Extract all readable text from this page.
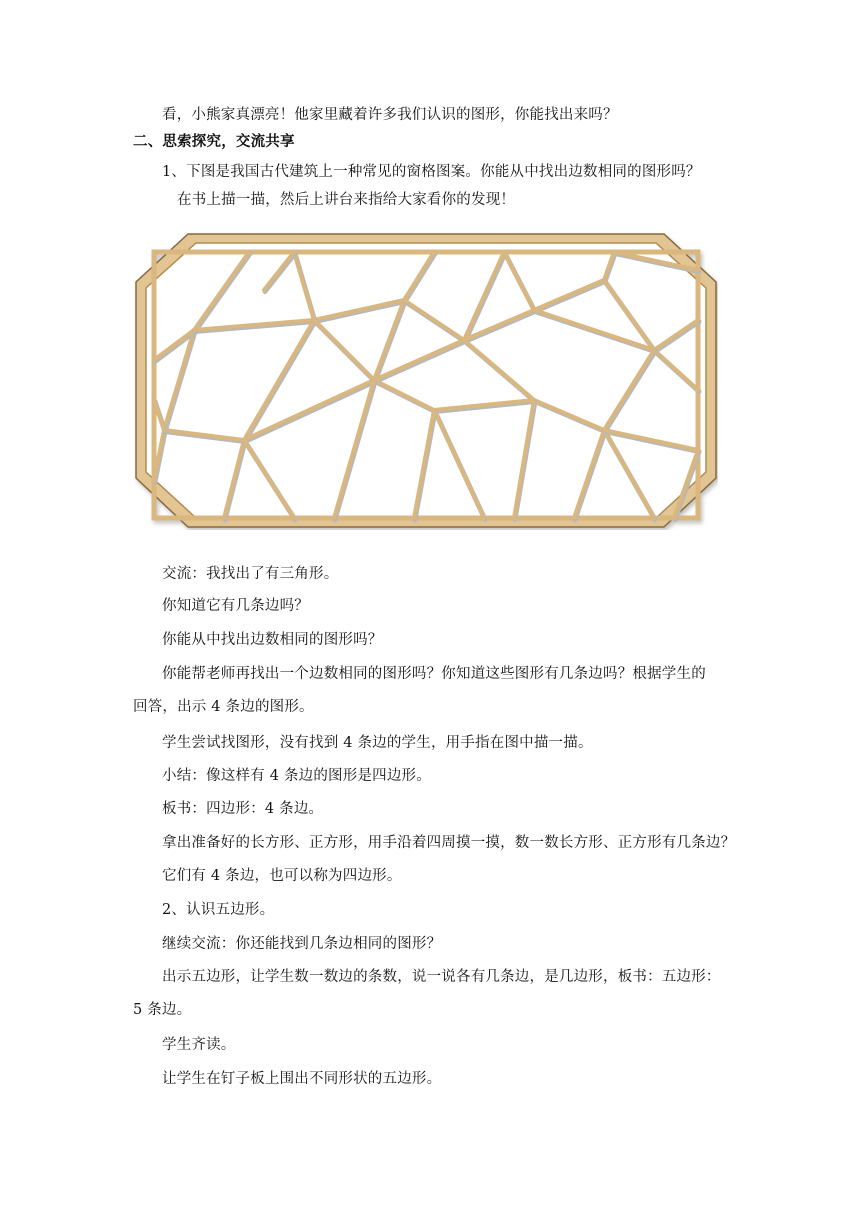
看，小熊家真漂亮！他家里藏着许多我们认识的图形，你能找出来吗？
二、思索探究，交流共享
1、下图是我国古代建筑上一种常见的窗格图案。你能从中找出边数相同的图形吗？
在书上描一描，然后上讲台来指给大家看你的发现！
交流：我找出了有三角形。
你知道它有几条边吗？
你能从中找出边数相同的图形吗？
你能帮老师再找出一个边数相同的图形吗？你知道这些图形有几条边吗？根据学生的
回答，出示 4 条边的图形。
学生尝试找图形，没有找到 4 条边的学生，用手指在图中描一描。
小结：像这样有 4 条边的图形是四边形。
板书：四边形：4 条边。
拿出准备好的长方形、正方形，用手沿着四周摸一摸，数一数长方形、正方形有几条边？
它们有 4 条边，也可以称为四边形。
2、认识五边形。
继续交流：你还能找到几条边相同的图形？
出示五边形，让学生数一数边的条数，说一说各有几条边，是几边形，板书：五边形：
5 条边。
学生齐读。
让学生在钉子板上围出不同形状的五边形。
